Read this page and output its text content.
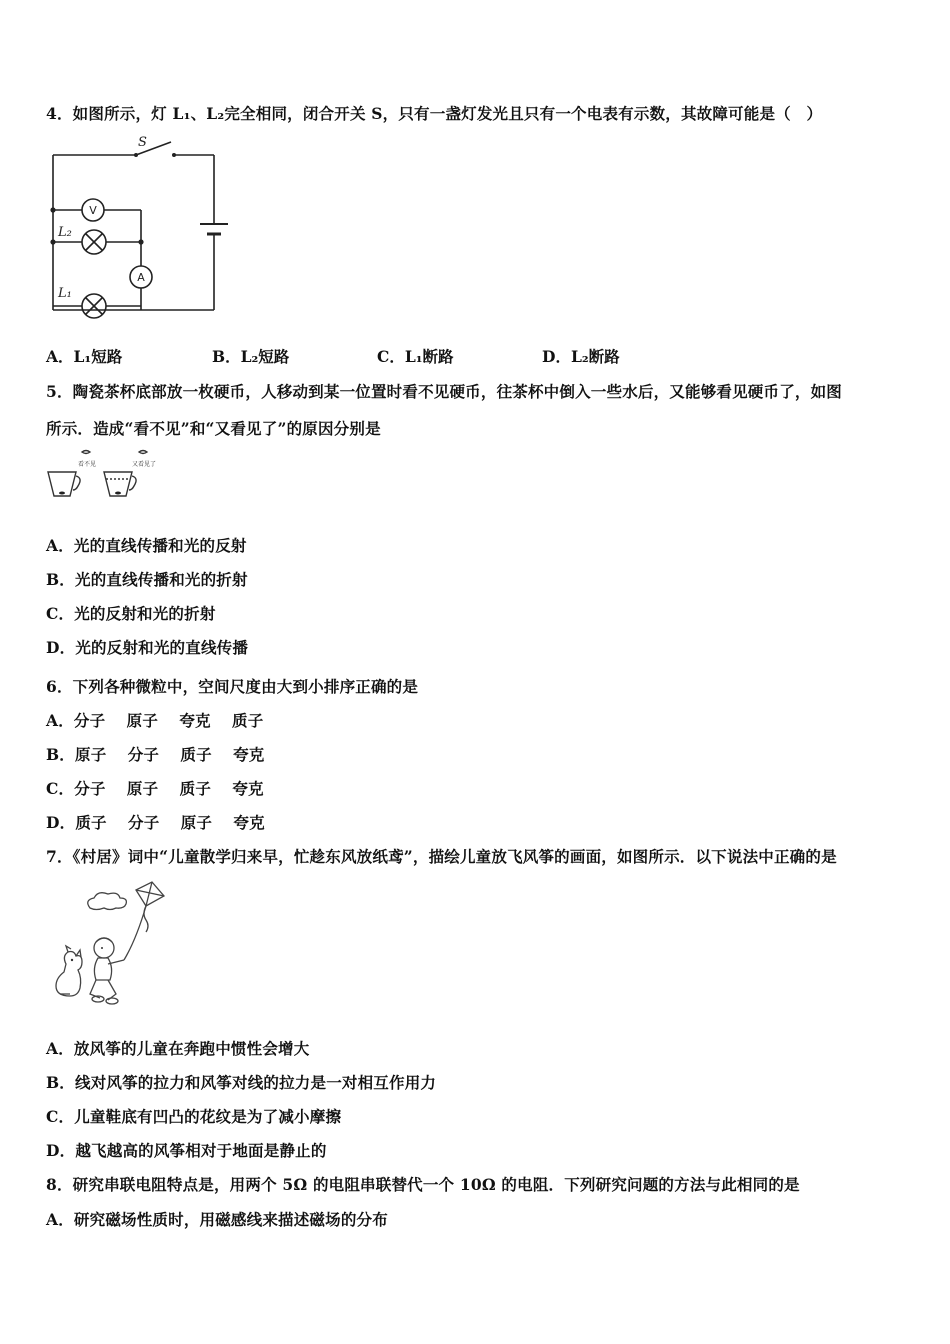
4．如图所示，灯 L₁、L₂完全相同，闭合开关 S，只有一盏灯发光且只有一个电表有示数，其故障可能是（　）
S
L₂
L₁
V
A
A．L₁短路	B．L₂短路	C．L₁断路	D．L₂断路
5．陶瓷茶杯底部放一枚硬币，人移动到某一位置时看不见硬币，往茶杯中倒入一些水后，又能够看见硬币了，如图
所示．造成“看不见”和“又看见了”的原因分别是
看不见	又看见了
A．光的直线传播和光的反射
B．光的直线传播和光的折射
C．光的反射和光的折射
D．光的反射和光的直线传播
6．下列各种微粒中，空间尺度由大到小排序正确的是
A．分子　 原子　 夸克　 质子
B．原子　 分子　 质子　 夸克
C．分子　 原子　 质子　 夸克
D．质子　 分子　 原子　 夸克
7．《村居》词中“儿童散学归来早，忙趁东风放纸鸢”，描绘儿童放飞风筝的画面，如图所示．以下说法中正确的是
A．放风筝的儿童在奔跑中惯性会增大
B．线对风筝的拉力和风筝对线的拉力是一对相互作用力
C．儿童鞋底有凹凸的花纹是为了减小摩擦
D．越飞越高的风筝相对于地面是静止的
8．研究串联电阻特点是，用两个 5Ω 的电阻串联替代一个 10Ω 的电阻．下列研究问题的方法与此相同的是
A．研究磁场性质时，用磁感线来描述磁场的分布
